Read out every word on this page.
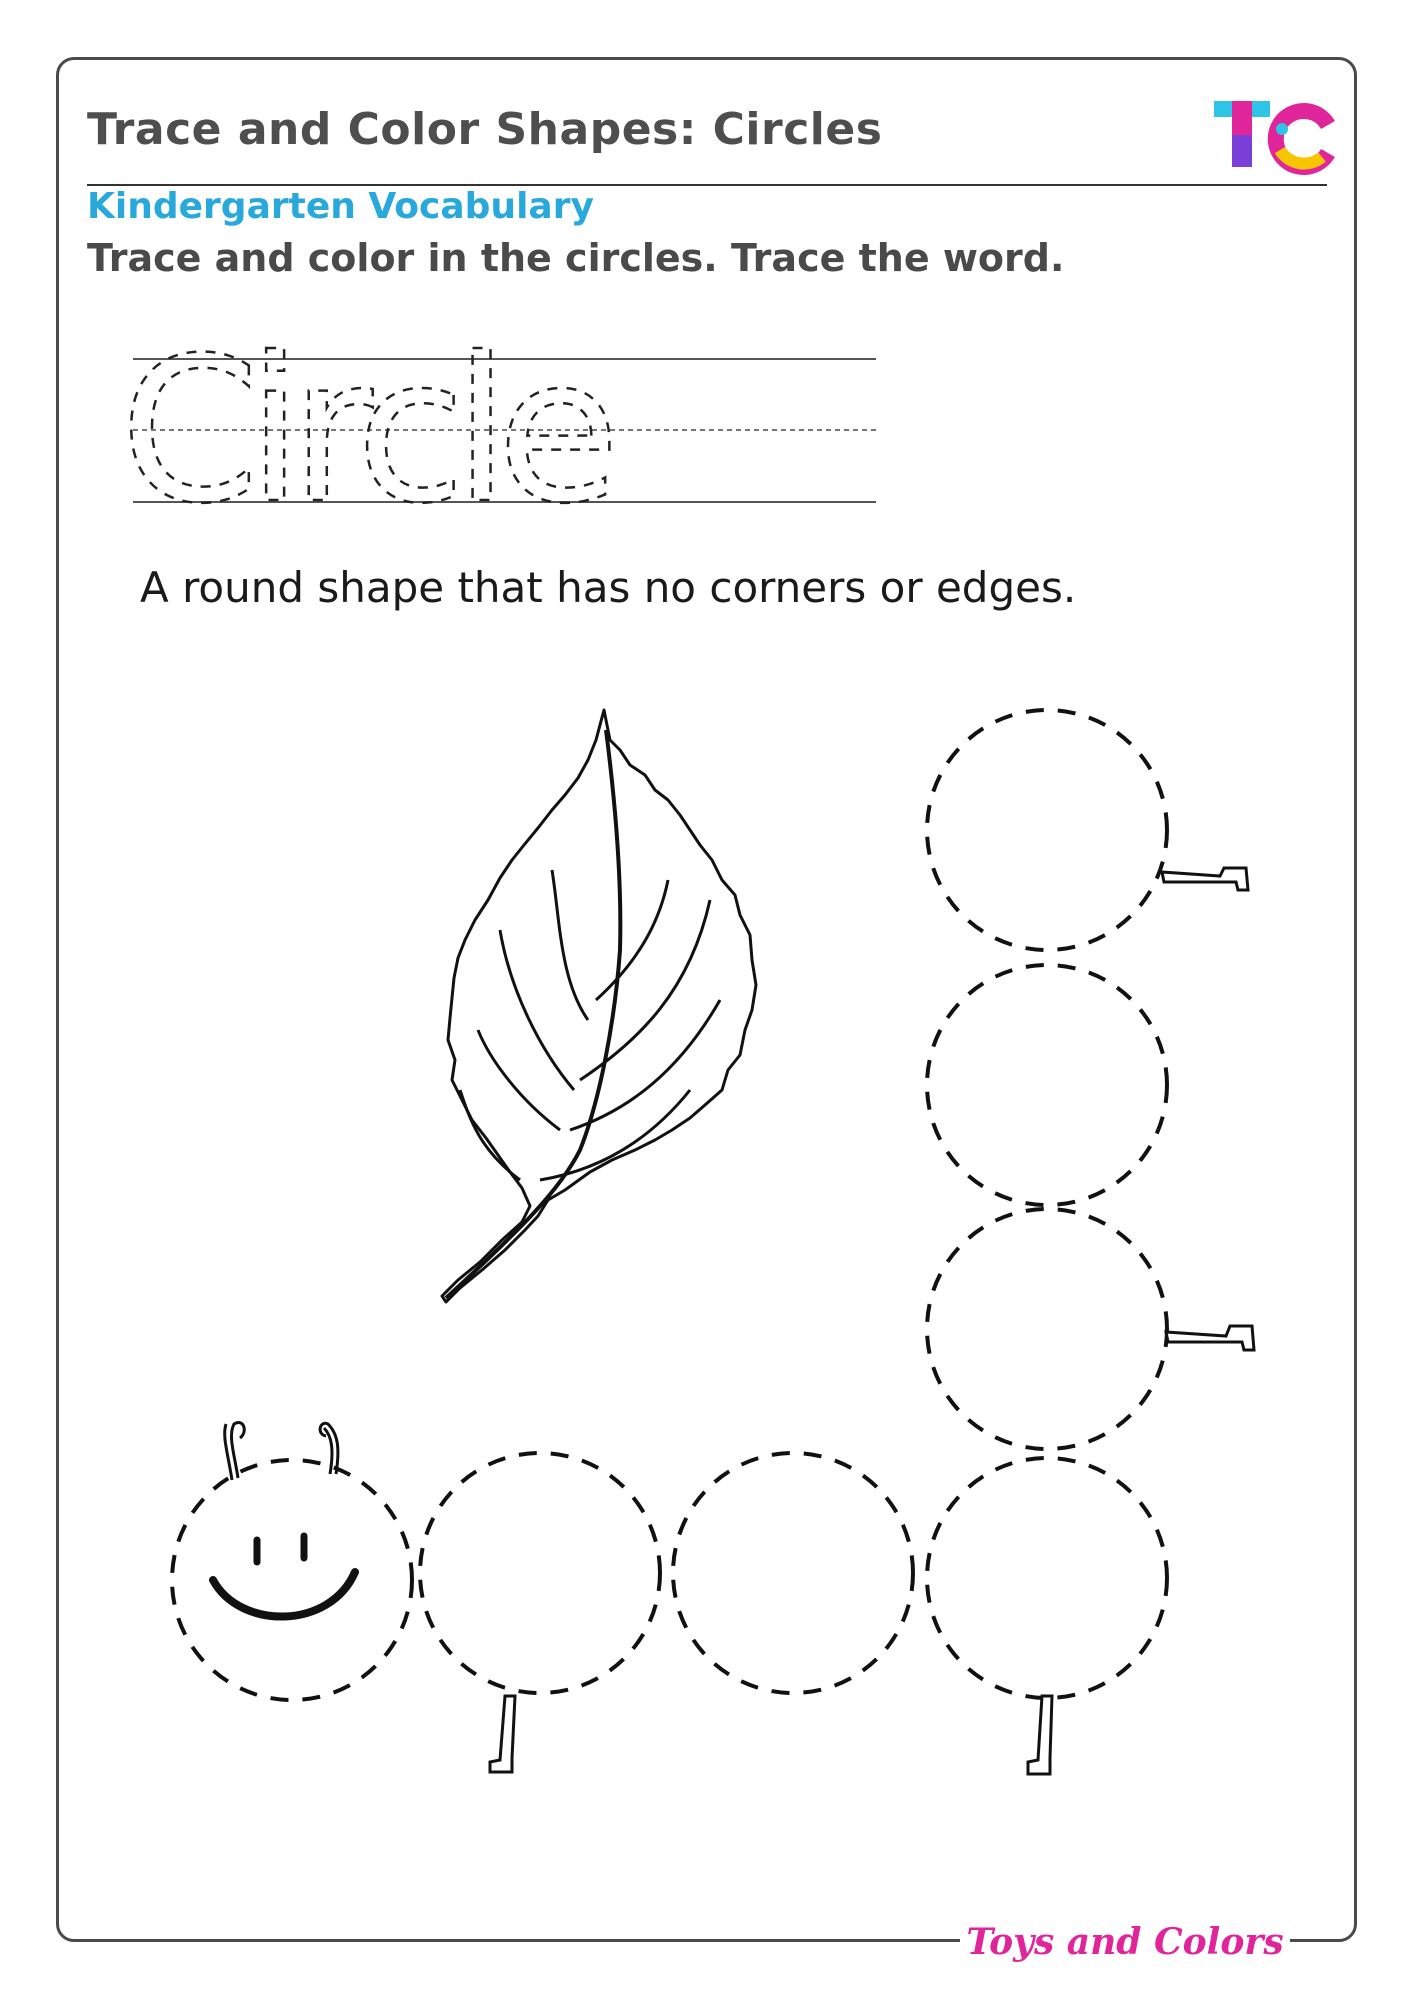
Trace and Color Shapes: Circles
Kindergarten Vocabulary
Trace and color in the circles. Trace the word.
Circle
A round shape that has no corners or edges.
Toys and Colors
